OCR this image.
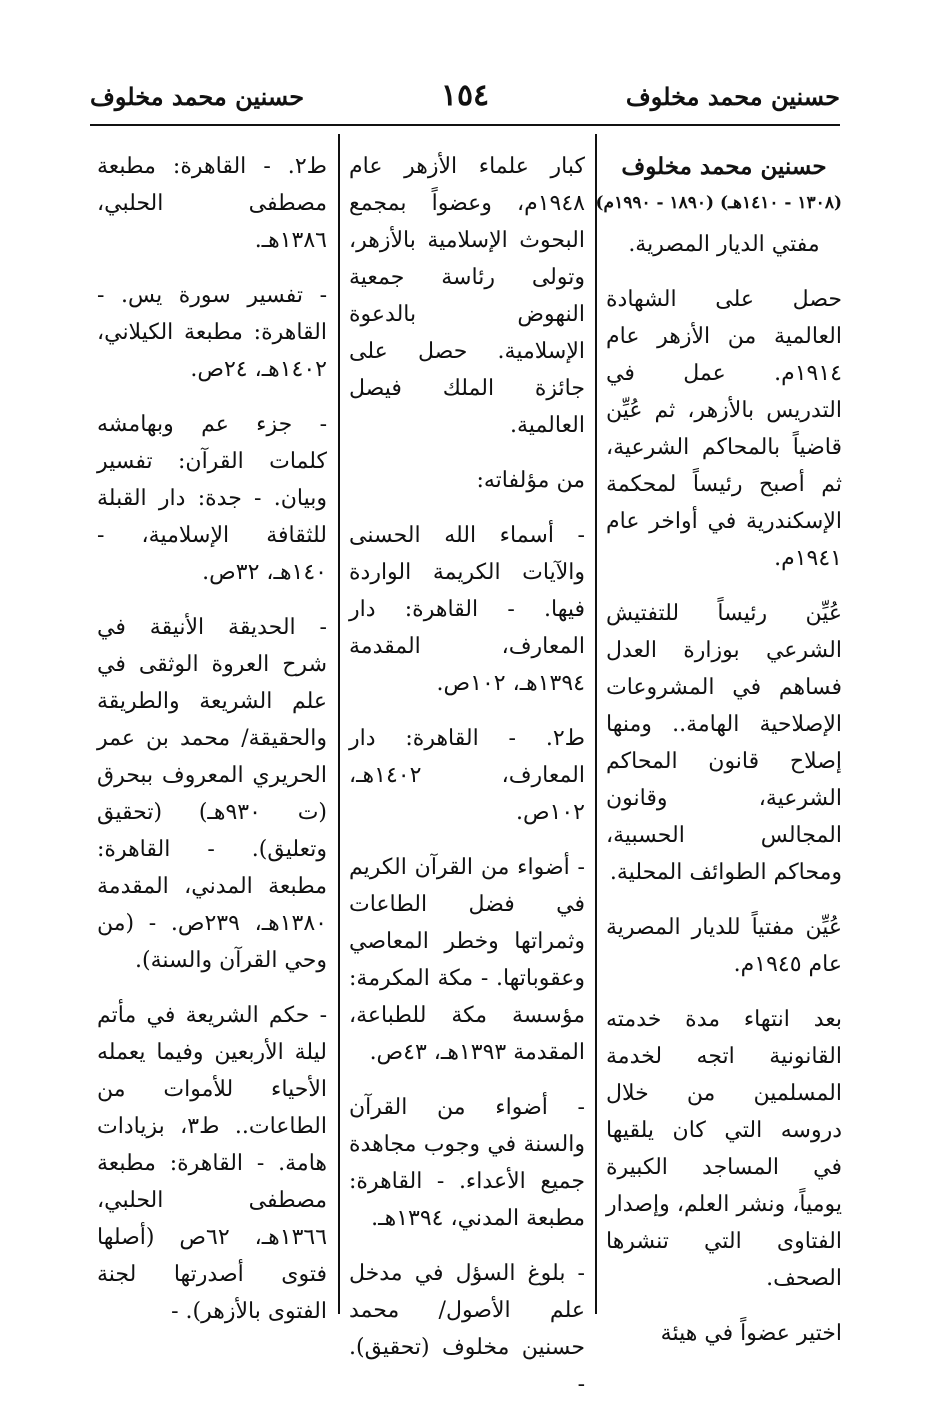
حسنين محمد مخلوف
١٥٤
حسنين محمد مخلوف

حسنين محمد مخلوف

(١٣٠٨ - ١٤١٠هـ) (١٨٩٠ - ١٩٩٠م)

مفتي الديار المصرية.

حصل على الشهادة العالمية من الأزهر عام ١٩١٤م. عمل في التدريس بالأزهر، ثم عُيِّن قاضياً بالمحاكم الشرعية، ثم أصبح رئيساً لمحكمة الإسكندرية في أواخر عام ١٩٤١م.

عُيِّن رئيساً للتفتيش الشرعي بوزارة العدل فساهم في المشروعات الإصلاحية الهامة.. ومنها إصلاح قانون المحاكم الشرعية، وقانون المجالس الحسبية، ومحاكم الطوائف المحلية.

عُيِّن مفتياً للديار المصرية عام ١٩٤٥م.

بعد انتهاء مدة خدمته القانونية اتجه لخدمة المسلمين من خلال دروسه التي كان يلقيها في المساجد الكبيرة يومياً، ونشر العلم، وإصدار الفتاوى التي تنشرها الصحف.

اختير عضواً في هيئة

كبار علماء الأزهر عام ١٩٤٨م، وعضواً بمجمع البحوث الإسلامية بالأزهر، وتولى رئاسة جمعية النهوض بالدعوة الإسلامية. حصل على جائزة الملك فيصل العالمية.

من مؤلفاته:

- أسماء الله الحسنى والآيات الكريمة الواردة فيها. - القاهرة: دار المعارف، المقدمة ١٣٩٤هـ، ١٠٢ص.

ط٢. - القاهرة: دار المعارف، ١٤٠٢هـ، ١٠٢ص.

- أضواء من القرآن الكريم في فضل الطاعات وثمراتها وخطر المعاصي وعقوباتها. - مكة المكرمة: مؤسسة مكة للطباعة، المقدمة ١٣٩٣هـ، ٤٣ص.

- أضواء من القرآن والسنة في وجوب مجاهدة جميع الأعداء. - القاهرة: مطبعة المدني، ١٣٩٤هـ.

- بلوغ السؤل في مدخل علم الأصول/ محمد حسنين مخلوف (تحقيق). -

ط٢. - القاهرة: مطبعة مصطفى الحلبي، ١٣٨٦هـ.

- تفسير سورة يس. - القاهرة: مطبعة الكيلاني، ١٤٠٢هـ، ٢٤ص.

- جزء عم وبهامشه كلمات القرآن: تفسير وبيان. - جدة: دار القبلة للثقافة الإسلامية، - ١٤٠هـ، ٣٢ص.

- الحديقة الأنيقة في شرح العروة الوثقى في علم الشريعة والطريقة والحقيقة/ محمد بن عمر الحريري المعروف ببحرق (ت ٩٣٠هـ) (تحقيق وتعليق). - القاهرة: مطبعة المدني، المقدمة ١٣٨٠هـ، ٢٣٩ص. - (من وحي القرآن والسنة).

- حكم الشريعة في مأتم ليلة الأربعين وفيما يعمله الأحياء للأموات من الطاعات.. ط٣، بزيادات هامة. - القاهرة: مطبعة مصطفى الحلبي، ١٣٦٦هـ، ٦٢ص (أصلها فتوى أصدرتها لجنة الفتوى بالأزهر). -
